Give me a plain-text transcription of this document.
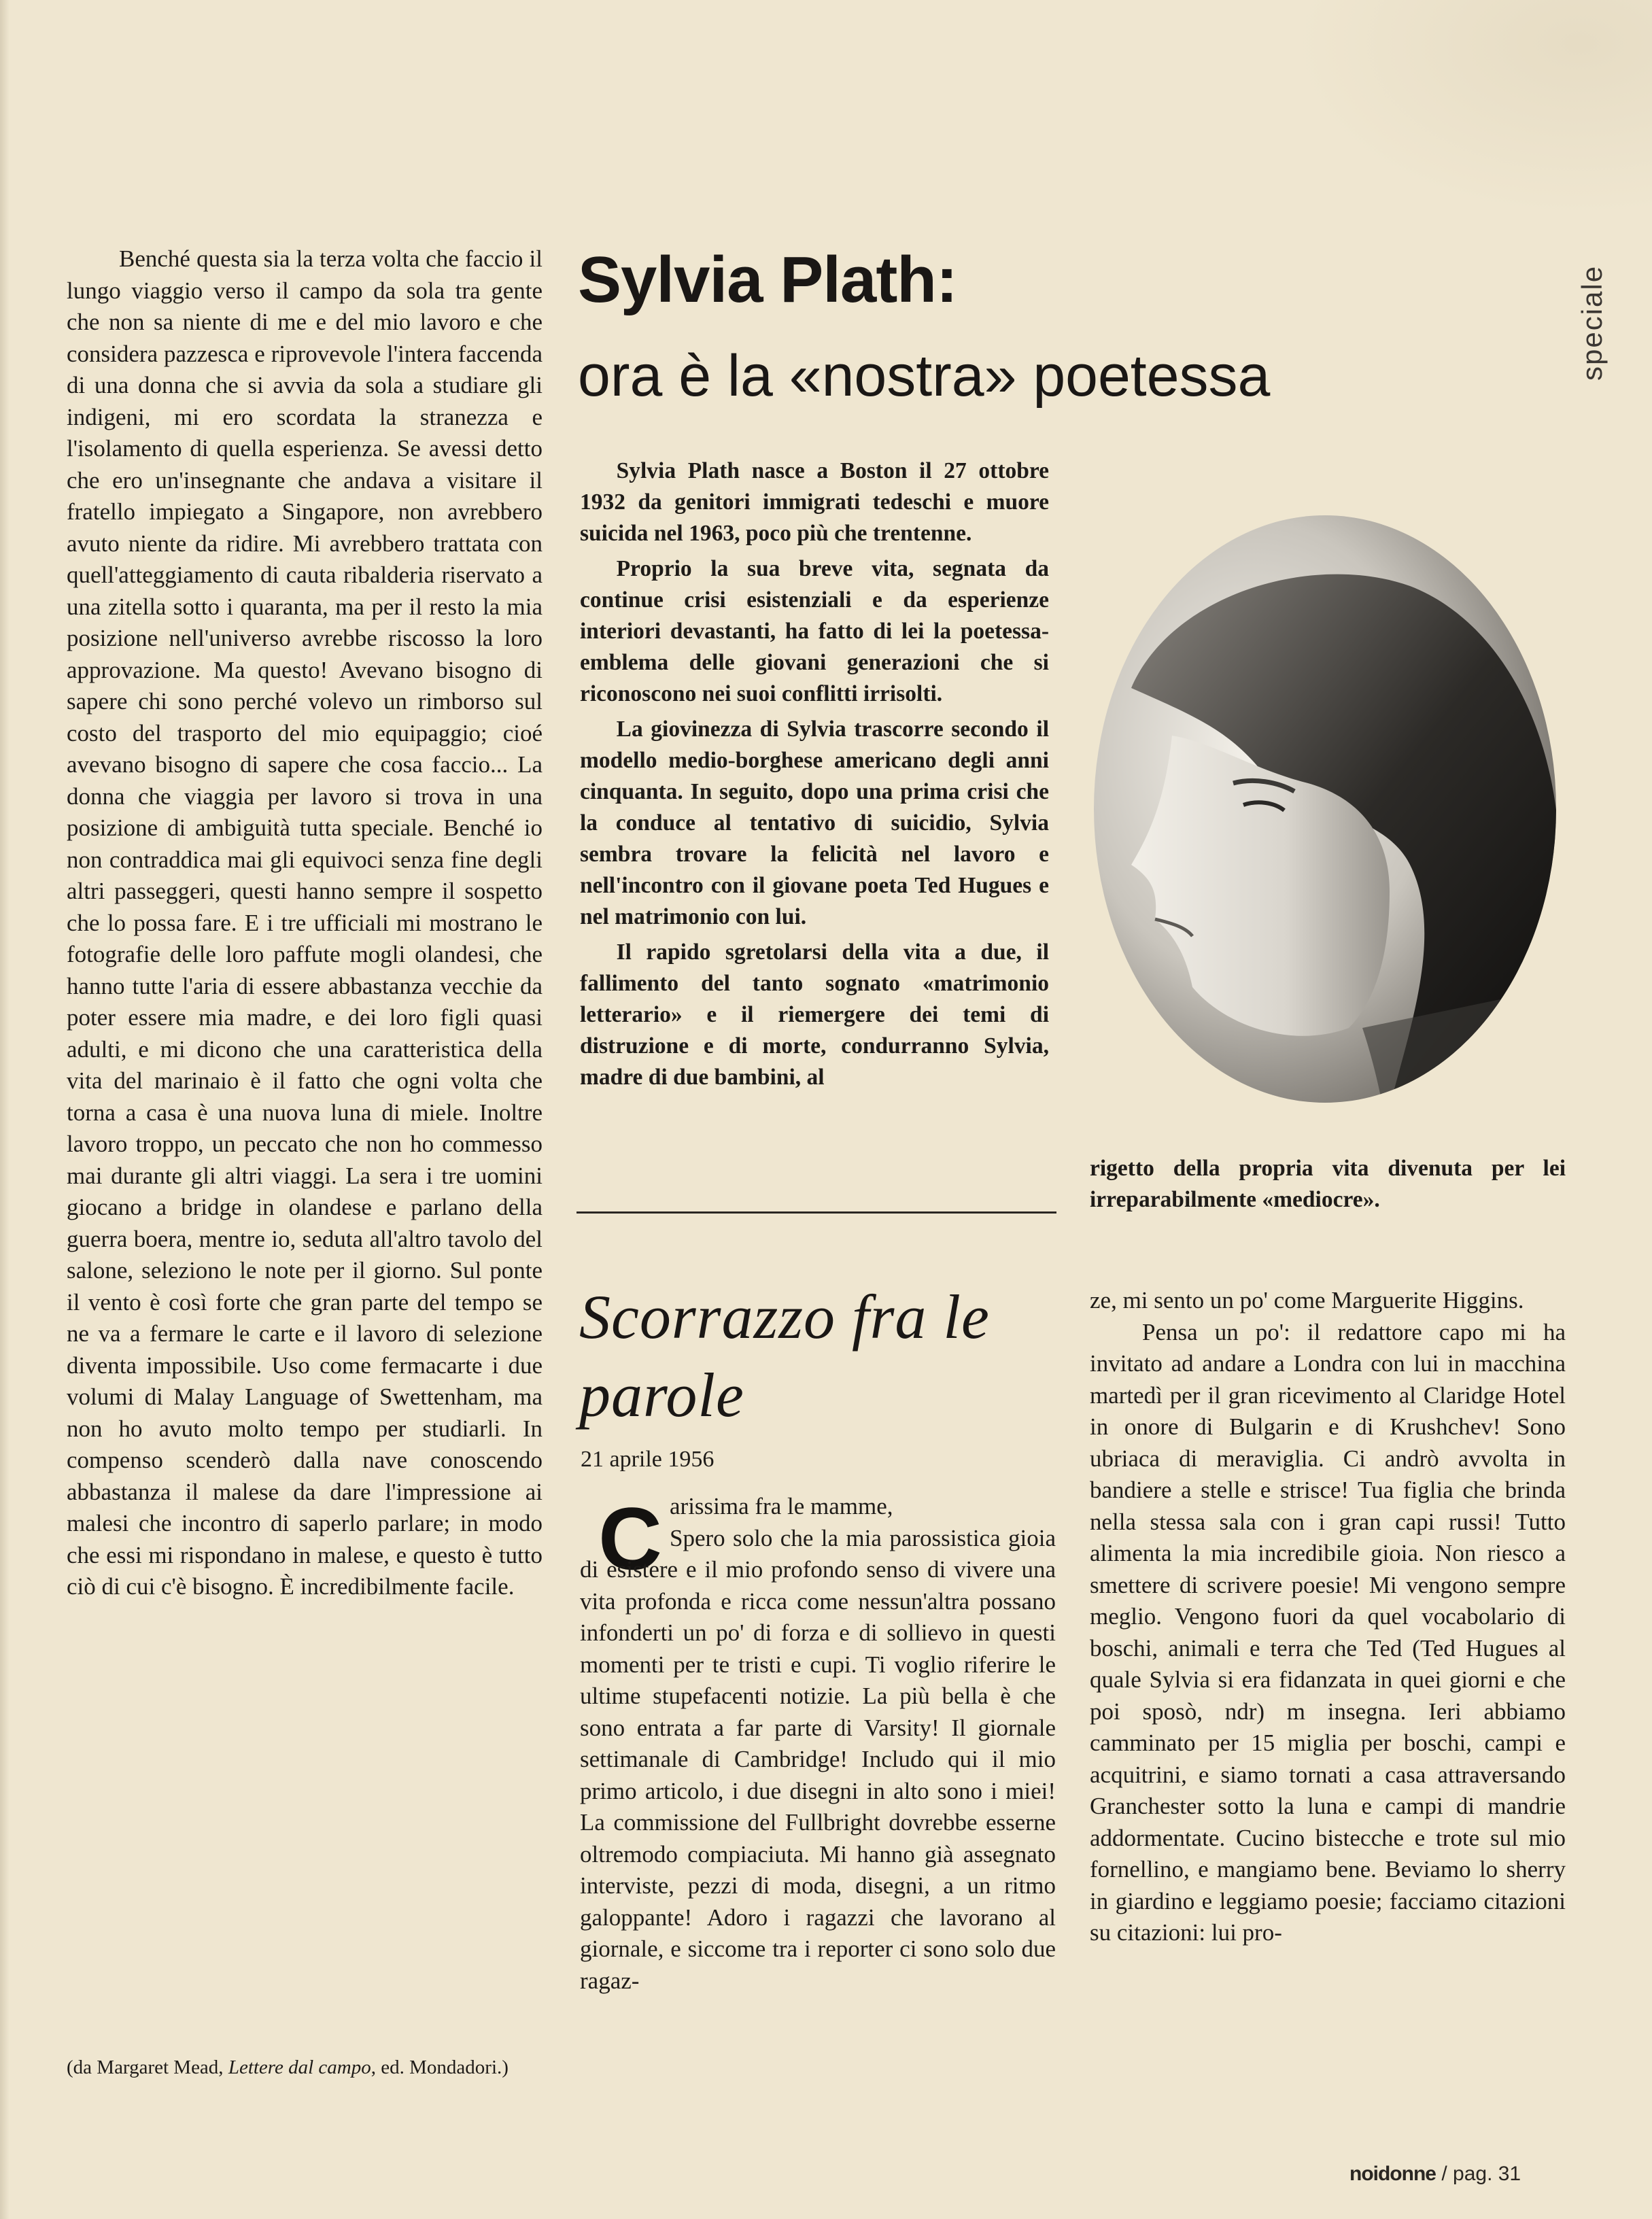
speciale

Benché questa sia la terza volta che faccio il lungo viaggio verso il campo da sola tra gente che non sa niente di me e del mio lavoro e che considera pazzesca e riprovevole l'intera faccenda di una donna che si avvia da sola a studiare gli indigeni, mi ero scordata la stranezza e l'isolamento di quella esperienza. Se avessi detto che ero un'insegnante che andava a visitare il fratello impiegato a Singapore, non avrebbero avuto niente da ridire. Mi avrebbero trattata con quell'atteggiamento di cauta ribalderia riservato a una zitella sotto i quaranta, ma per il resto la mia posizione nell'universo avrebbe riscosso la loro approvazione. Ma questo! Avevano bisogno di sapere chi sono perché volevo un rimborso sul costo del trasporto del mio equipaggio; cioé avevano bisogno di sapere che cosa faccio... La donna che viaggia per lavoro si trova in una posizione di ambiguità tutta speciale. Benché io non contraddica mai gli equivoci senza fine degli altri passeggeri, questi hanno sempre il sospetto che lo possa fare. E i tre ufficiali mi mostrano le fotografie delle loro paffute mogli olandesi, che hanno tutte l'aria di essere abbastanza vecchie da poter essere mia madre, e dei loro figli quasi adulti, e mi dicono che una caratteristica della vita del marinaio è il fatto che ogni volta che torna a casa è una nuova luna di miele. Inoltre lavoro troppo, un peccato che non ho commesso mai durante gli altri viaggi. La sera i tre uomini giocano a bridge in olandese e parlano della guerra boera, mentre io, seduta all'altro tavolo del salone, seleziono le note per il giorno. Sul ponte il vento è così forte che gran parte del tempo se ne va a fermare le carte e il lavoro di selezione diventa impossibile. Uso come fermacarte i due volumi di Malay Language of Swettenham, ma non ho avuto molto tempo per studiarli. In compenso scenderò dalla nave conoscendo abbastanza il malese da dare l'impressione ai malesi che incontro di saperlo parlare; in modo che essi mi rispondano in malese, e questo è tutto ciò di cui c'è bisogno. È incredibilmente facile.

(da Margaret Mead, Lettere dal campo, ed. Mondadori.)
Sylvia Plath:
ora è la «nostra» poetessa

Sylvia Plath nasce a Boston il 27 ottobre 1932 da genitori immigrati tedeschi e muore suicida nel 1963, poco più che trentenne.

Proprio la sua breve vita, segnata da continue crisi esistenziali e da esperienze interiori devastanti, ha fatto di lei la poetessa-emblema delle giovani generazioni che si riconoscono nei suoi conflitti irrisolti.

La giovinezza di Sylvia trascorre secondo il modello medio-borghese americano degli anni cinquanta. In seguito, dopo una prima crisi che la conduce al tentativo di suicidio, Sylvia sembra trovare la felicità nel lavoro e nell'incontro con il giovane poeta Ted Hugues e nel matrimonio con lui.

Il rapido sgretolarsi della vita a due, il fallimento del tanto sognato «matrimonio letterario» e il riemergere dei temi di distruzione e di morte, condurranno Sylvia, madre di due bambini, al

rigetto della propria vita divenuta per lei irreparabilmente «mediocre».

Scorrazzo fra le parole
21 aprile 1956
C arissima fra le mamme,

Spero solo che la mia parossistica gioia di esistere e il mio profondo senso di vivere una vita profonda e ricca come nessun'altra possano infonderti un po' di forza e di sollievo in questi momenti per te tristi e cupi. Ti voglio riferire le ultime stupefacenti notizie. La più bella è che sono entrata a far parte di Varsity! Il giornale settimanale di Cambridge! Includo qui il mio primo articolo, i due disegni in alto sono i miei! La commissione del Fullbright dovrebbe esserne oltremodo compiaciuta. Mi hanno già assegnato interviste, pezzi di moda, disegni, a un ritmo galoppante! Adoro i ragazzi che lavorano al giornale, e siccome tra i reporter ci sono solo due ragaz-

ze, mi sento un po' come Marguerite Higgins.

Pensa un po': il redattore capo mi ha invitato ad andare a Londra con lui in macchina martedì per il gran ricevimento al Claridge Hotel in onore di Bulgarin e di Krushchev! Sono ubriaca di meraviglia. Ci andrò avvolta in bandiere a stelle e strisce! Tua figlia che brinda nella stessa sala con i gran capi russi! Tutto alimenta la mia incredibile gioia. Non riesco a smettere di scrivere poesie! Mi vengono sempre meglio. Vengono fuori da quel vocabolario di boschi, animali e terra che Ted (Ted Hugues al quale Sylvia si era fidanzata in quei giorni e che poi sposò, ndr) m insegna. Ieri abbiamo camminato per 15 miglia per boschi, campi e acquitrini, e siamo tornati a casa attraversando Granchester sotto la luna e campi di mandrie addormentate. Cucino bistecche e trote sul mio fornellino, e mangiamo bene. Beviamo lo sherry in giardino e leggiamo poesie; facciamo citazioni su citazioni: lui pro-

noidonne / pag. 31
